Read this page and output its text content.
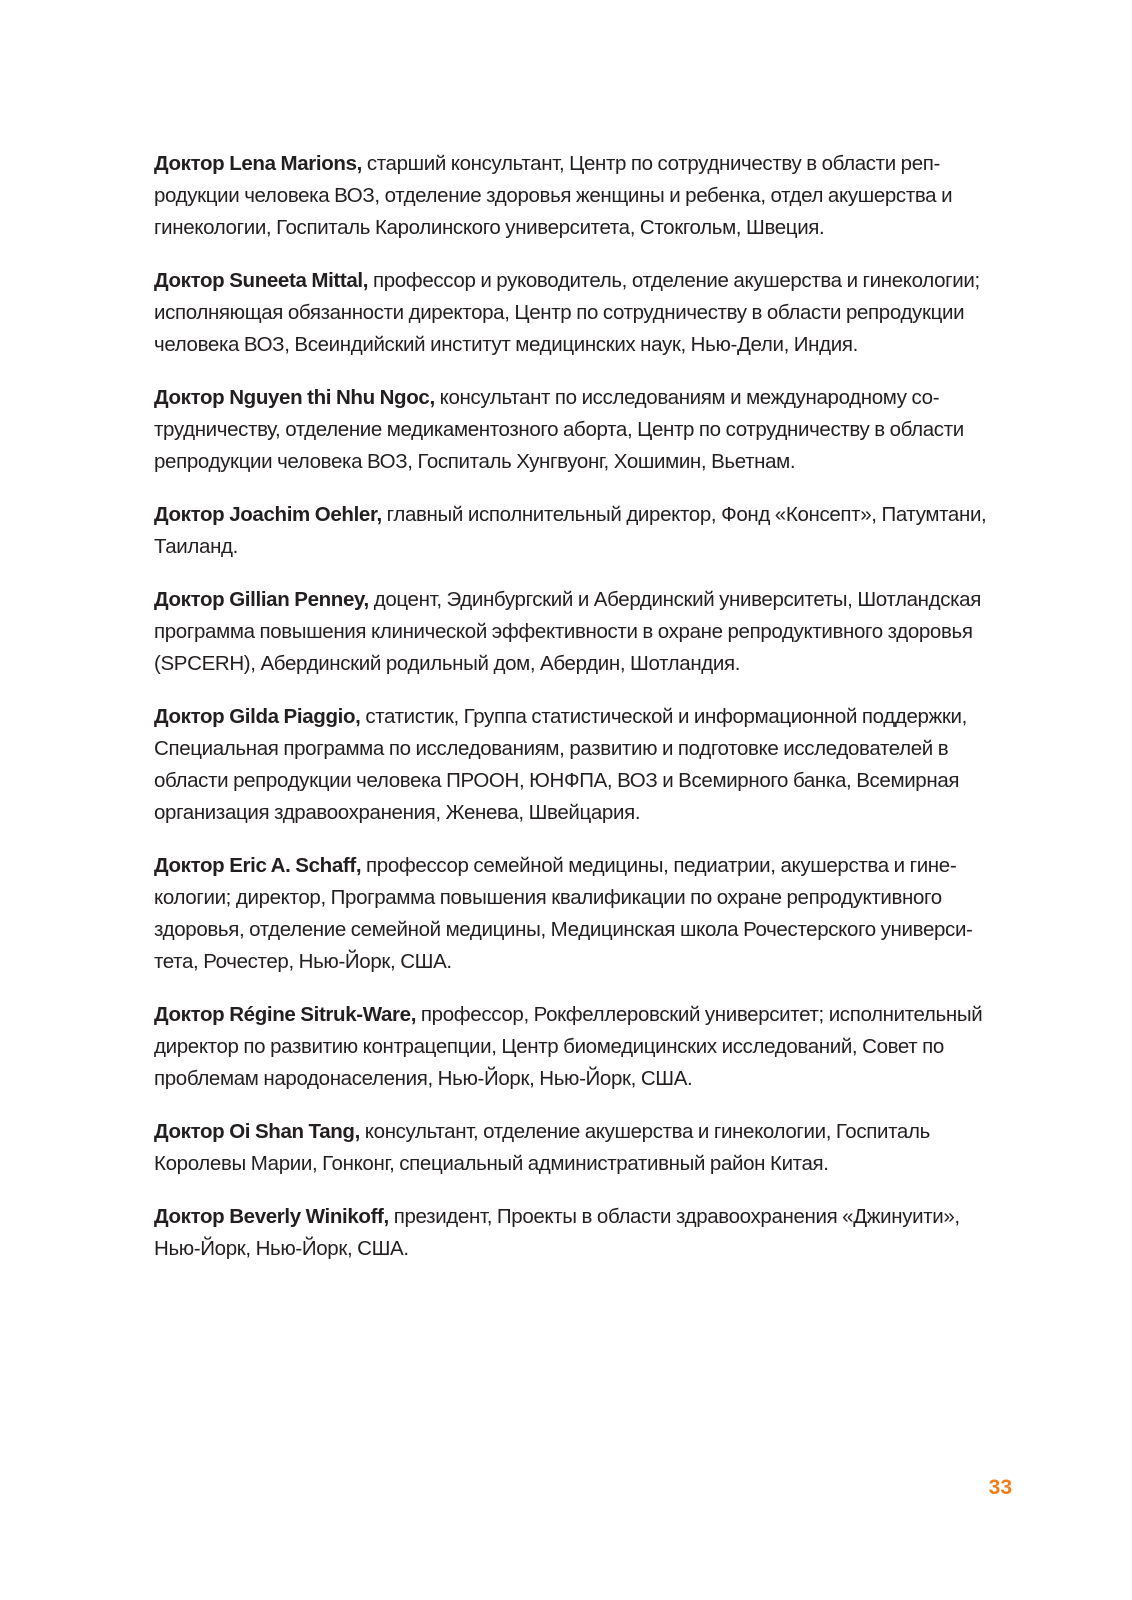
Доктор Lena Marions, старший консультант, Центр по сотрудничеству в области реп-
родукции человека ВОЗ, отделение здоровья женщины и ребенка, отдел акушерства и
гинекологии, Госпиталь Каролинского университета, Стокгольм, Швеция.

Доктор Suneeta Mittal, профессор и руководитель, отделение акушерства и гинекологии;
исполняющая обязанности директора, Центр по сотрудничеству в области репродукции
человека ВОЗ, Всеиндийский институт медицинских наук, Нью-Дели, Индия.

Доктор Nguyen thi Nhu Ngoc, консультант по исследованиям и международному со-
трудничеству, отделение медикаментозного аборта, Центр по сотрудничеству в области
репродукции человека ВОЗ, Госпиталь Хунгвуонг, Хошимин, Вьетнам.

Доктор Joachim Oehler, главный исполнительный директор, Фонд «Консепт», Патумтани,
Таиланд.

Доктор Gillian Penney, доцент, Эдинбургский и Абердинский университеты, Шотландская
программа повышения клинической эффективности в охране репродуктивного здоровья
(SPCERH), Абердинский родильный дом, Абердин, Шотландия.

Доктор Gilda Piaggio, статистик, Группа статистической и информационной поддержки,
Специальная программа по исследованиям, развитию и подготовке исследователей в
области репродукции человека ПРООН, ЮНФПА, ВОЗ и Всемирного банка, Всемирная
организация здравоохранения, Женева, Швейцария.

Доктор Eric A. Schaff, профессор семейной медицины, педиатрии, акушерства и гине-
кологии; директор, Программа повышения квалификации по охране репродуктивного
здоровья, отделение семейной медицины, Медицинская школа Рочестерского универси-
тета, Рочестер, Нью-Йорк, США.

Доктор Régine Sitruk-Ware, профессор, Рокфеллеровский университет; исполнительный
директор по развитию контрацепции, Центр биомедицинских исследований, Совет по
проблемам народонаселения, Нью-Йорк, Нью-Йорк, США.

Доктор Oi Shan Tang, консультант, отделение акушерства и гинекологии, Госпиталь
Королевы Марии, Гонконг, специальный административный район Китая.

Доктор Beverly Winikoff, президент, Проекты в области здравоохранения «Джинуити»,
Нью-Йорк, Нью-Йорк, США.

33
